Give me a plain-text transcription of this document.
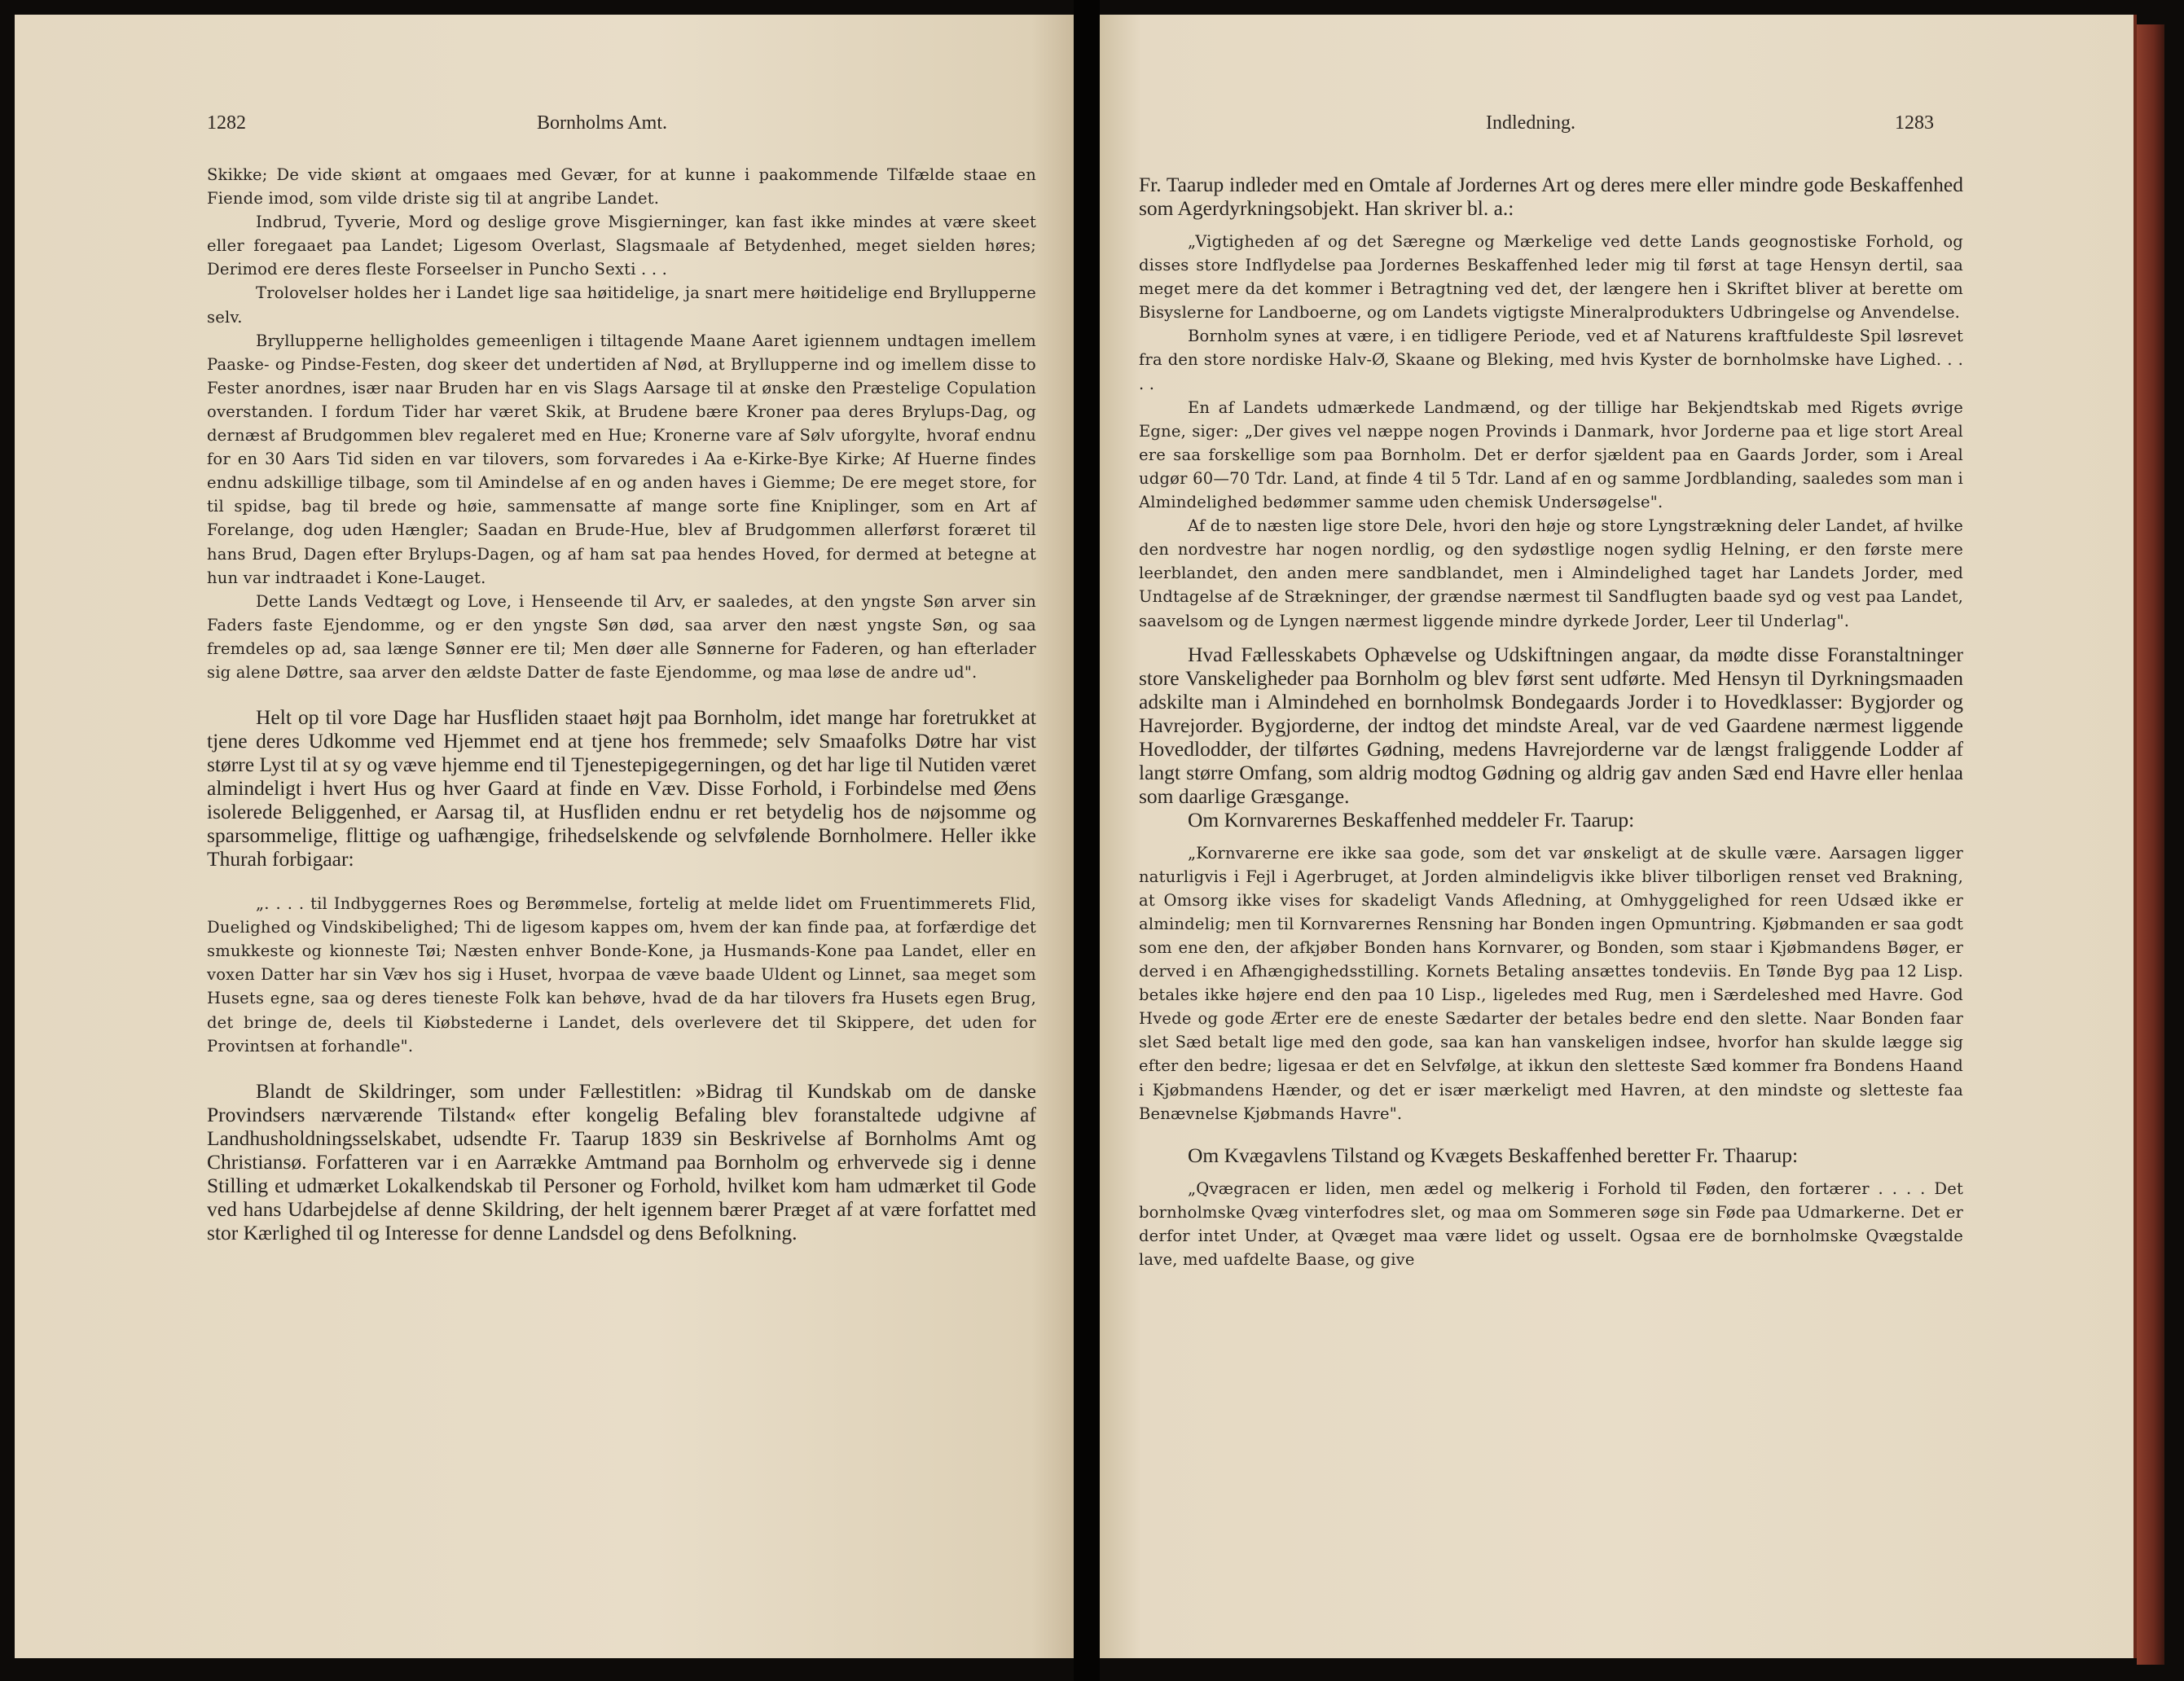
1282	Bornholms Amt.

Skikke; De vide skiønt at omgaaes med Gevær, for at kunne i paakommende Tilfælde staae en Fiende imod, som vilde driste sig til at angribe Landet.

Indbrud, Tyverie, Mord og deslige grove Misgierninger, kan fast ikke mindes at være skeet eller foregaaet paa Landet; Ligesom Overlast, Slagsmaale af Betydenhed, meget sielden høres; Derimod ere deres fleste Forseelser in Puncho Sexti . . .

Trolovelser holdes her i Landet lige saa høitidelige, ja snart mere høitidelige end Bryllupperne selv.

Bryllupperne helligholdes gemeenligen i tiltagende Maane Aaret igiennem undtagen imellem Paaske- og Pindse-Festen, dog skeer det undertiden af Nød, at Bryllupperne ind og imellem disse to Fester anordnes, især naar Bruden har en vis Slags Aarsage til at ønske den Præstelige Copulation overstanden. I fordum Tider har været Skik, at Brudene bære Kroner paa deres Brylups-Dag, og dernæst af Brudgommen blev regaleret med en Hue; Kronerne vare af Sølv uforgylte, hvoraf endnu for en 30 Aars Tid siden en var tilovers, som forvaredes i Aa e-Kirke-Bye Kirke; Af Huerne findes endnu adskillige tilbage, som til Amindelse af en og anden haves i Giemme; De ere meget store, for til spidse, bag til brede og høie, sammensatte af mange sorte fine Kniplinger, som en Art af Forelange, dog uden Hængler; Saadan en Brude-Hue, blev af Brudgommen allerførst foræret til hans Brud, Dagen efter Brylups-Dagen, og af ham sat paa hendes Hoved, for dermed at betegne at hun var indtraadet i Kone-Lauget.

Dette Lands Vedtægt og Love, i Henseende til Arv, er saaledes, at den yngste Søn arver sin Faders faste Ejendomme, og er den yngste Søn død, saa arver den næst yngste Søn, og saa fremdeles op ad, saa længe Sønner ere til; Men døer alle Sønnerne for Faderen, og han efterlader sig alene Døttre, saa arver den ældste Datter de faste Ejendomme, og maa løse de andre ud".

Helt op til vore Dage har Husfliden staaet højt paa Bornholm, idet mange har foretrukket at tjene deres Udkomme ved Hjemmet end at tjene hos fremmede; selv Smaafolks Døtre har vist større Lyst til at sy og væve hjemme end til Tjenestepigegerningen, og det har lige til Nutiden været almindeligt i hvert Hus og hver Gaard at finde en Væv. Disse Forhold, i Forbindelse med Øens isolerede Beliggenhed, er Aarsag til, at Husfliden endnu er ret betydelig hos de nøjsomme og sparsommelige, flittige og uafhængige, frihedselskende og selvfølende Bornholmere. Heller ikke Thurah forbigaar:

„. . . . til Indbyggernes Roes og Berømmelse, fortelig at melde lidet om Fruentimmerets Flid, Duelighed og Vindskibelighed; Thi de ligesom kappes om, hvem der kan finde paa, at forfærdige det smukkeste og kionneste Tøi; Næsten enhver Bonde-Kone, ja Husmands-Kone paa Landet, eller en voxen Datter har sin Væv hos sig i Huset, hvorpaa de væve baade Uldent og Linnet, saa meget som Husets egne, saa og deres tieneste Folk kan behøve, hvad de da har tilovers fra Husets egen Brug, det bringe de, deels til Kiøbstederne i Landet, dels overlevere det til Skippere, det uden for Provintsen at forhandle".

Blandt de Skildringer, som under Fællestitlen: »Bidrag til Kundskab om de danske Provindsers nærværende Tilstand« efter kongelig Befaling blev foranstaltede udgivne af Landhusholdningsselskabet, udsendte Fr. Taarup 1839 sin Beskrivelse af Bornholms Amt og Christiansø. Forfatteren var i en Aarrække Amtmand paa Bornholm og erhvervede sig i denne Stilling et udmærket Lokalkendskab til Personer og Forhold, hvilket kom ham udmærket til Gode ved hans Udarbejdelse af denne Skildring, der helt igennem bærer Præget af at være forfattet med stor Kærlighed til og Interesse for denne Landsdel og dens Befolkning.

Indledning.	1283

Fr. Taarup indleder med en Omtale af Jordernes Art og deres mere eller mindre gode Beskaffenhed som Agerdyrkningsobjekt. Han skriver bl. a.:

„Vigtigheden af og det Særegne og Mærkelige ved dette Lands geognostiske Forhold, og disses store Indflydelse paa Jordernes Beskaffenhed leder mig til først at tage Hensyn dertil, saa meget mere da det kommer i Betragtning ved det, der længere hen i Skriftet bliver at berette om Bisyslerne for Landboerne, og om Landets vigtigste Mineralprodukters Udbringelse og Anvendelse.

Bornholm synes at være, i en tidligere Periode, ved et af Naturens kraftfuldeste Spil løsrevet fra den store nordiske Halv-Ø, Skaane og Bleking, med hvis Kyster de bornholmske have Lighed. . . . .

En af Landets udmærkede Landmænd, og der tillige har Bekjendtskab med Rigets øvrige Egne, siger: „Der gives vel næppe nogen Provinds i Danmark, hvor Jorderne paa et lige stort Areal ere saa forskellige som paa Bornholm. Det er derfor sjældent paa en Gaards Jorder, som i Areal udgør 60—70 Tdr. Land, at finde 4 til 5 Tdr. Land af en og samme Jordblanding, saaledes som man i Almindelighed bedømmer samme uden chemisk Undersøgelse".

Af de to næsten lige store Dele, hvori den høje og store Lyngstrækning deler Landet, af hvilke den nordvestre har nogen nordlig, og den sydøstlige nogen sydlig Helning, er den første mere leerblandet, den anden mere sandblandet, men i Almindelighed taget har Landets Jorder, med Undtagelse af de Strækninger, der grændse nærmest til Sandflugten baade syd og vest paa Landet, saavelsom og de Lyngen nærmest liggende mindre dyrkede Jorder, Leer til Underlag".

Hvad Fællesskabets Ophævelse og Udskiftningen angaar, da mødte disse Foranstaltninger store Vanskeligheder paa Bornholm og blev først sent udførte. Med Hensyn til Dyrkningsmaaden adskilte man i Almindehed en bornholmsk Bondegaards Jorder i to Hovedklasser: Bygjorder og Havrejorder. Bygjorderne, der indtog det mindste Areal, var de ved Gaardene nærmest liggende Hovedlodder, der tilførtes Gødning, medens Havrejorderne var de længst fraliggende Lodder af langt større Omfang, som aldrig modtog Gødning og aldrig gav anden Sæd end Havre eller henlaa som daarlige Græsgange.

Om Kornvarernes Beskaffenhed meddeler Fr. Taarup:

„Kornvarerne ere ikke saa gode, som det var ønskeligt at de skulle være. Aarsagen ligger naturligvis i Fejl i Agerbruget, at Jorden almindeligvis ikke bliver tilborligen renset ved Brakning, at Omsorg ikke vises for skadeligt Vands Afledning, at Omhyggelighed for reen Udsæd ikke er almindelig; men til Kornvarernes Rensning har Bonden ingen Opmuntring. Kjøbmanden er saa godt som ene den, der afkjøber Bonden hans Kornvarer, og Bonden, som staar i Kjøbmandens Bøger, er derved i en Afhængighedsstilling. Kornets Betaling ansættes tondeviis. En Tønde Byg paa 12 Lisp. betales ikke højere end den paa 10 Lisp., ligeledes med Rug, men i Særdeleshed med Havre. God Hvede og gode Ærter ere de eneste Sædarter der betales bedre end den slette. Naar Bonden faar slet Sæd betalt lige med den gode, saa kan han vanskeligen indsee, hvorfor han skulde lægge sig efter den bedre; ligesaa er det en Selvfølge, at ikkun den sletteste Sæd kommer fra Bondens Haand i Kjøbmandens Hænder, og det er især mærkeligt med Havren, at den mindste og sletteste faa Benævnelse Kjøbmands Havre".

Om Kvægavlens Tilstand og Kvægets Beskaffenhed beretter Fr. Thaarup:

„Qvægracen er liden, men ædel og melkerig i Forhold til Føden, den fortærer . . . . Det bornholmske Qvæg vinterfodres slet, og maa om Sommeren søge sin Føde paa Udmarkerne. Det er derfor intet Under, at Qvæget maa være lidet og usselt. Ogsaa ere de bornholmske Qvægstalde lave, med uafdelte Baase, og give
